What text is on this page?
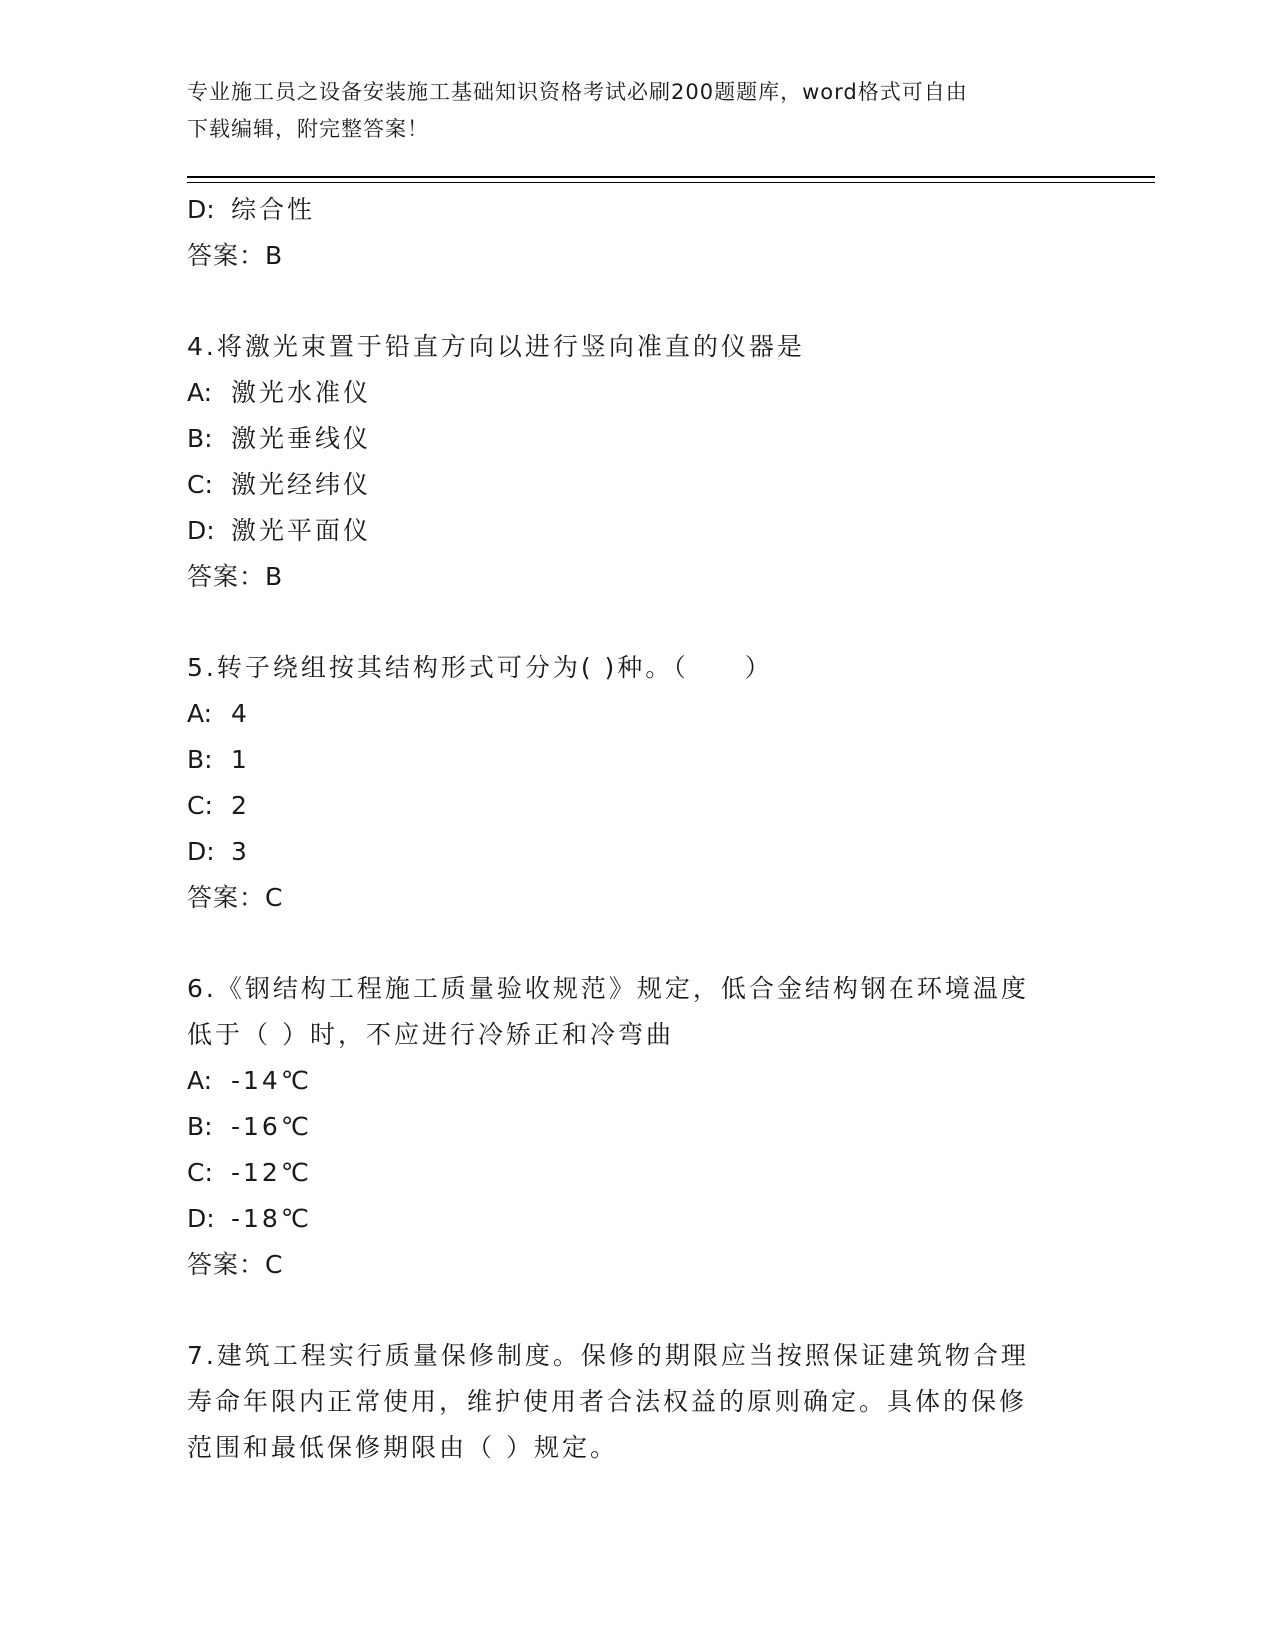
专业施工员之设备安装施工基础知识资格考试必刷200题题库，word格式可自由
下载编辑，附完整答案！
D: 综合性
答案：B
4.将激光束置于铅直方向以进行竖向准直的仪器是
A: 激光水准仪
B: 激光垂线仪
C: 激光经纬仪
D: 激光平面仪
答案：B
5.转子绕组按其结构形式可分为( )种。（　　）
A: 4
B: 1
C: 2
D: 3
答案：C
6.《钢结构工程施工质量验收规范》规定，低合金结构钢在环境温度
低于（ ）时，不应进行冷矫正和冷弯曲
A: -14℃
B: -16℃
C: -12℃
D: -18℃
答案：C
7.建筑工程实行质量保修制度。保修的期限应当按照保证建筑物合理
寿命年限内正常使用，维护使用者合法权益的原则确定。具体的保修
范围和最低保修期限由（ ）规定。
